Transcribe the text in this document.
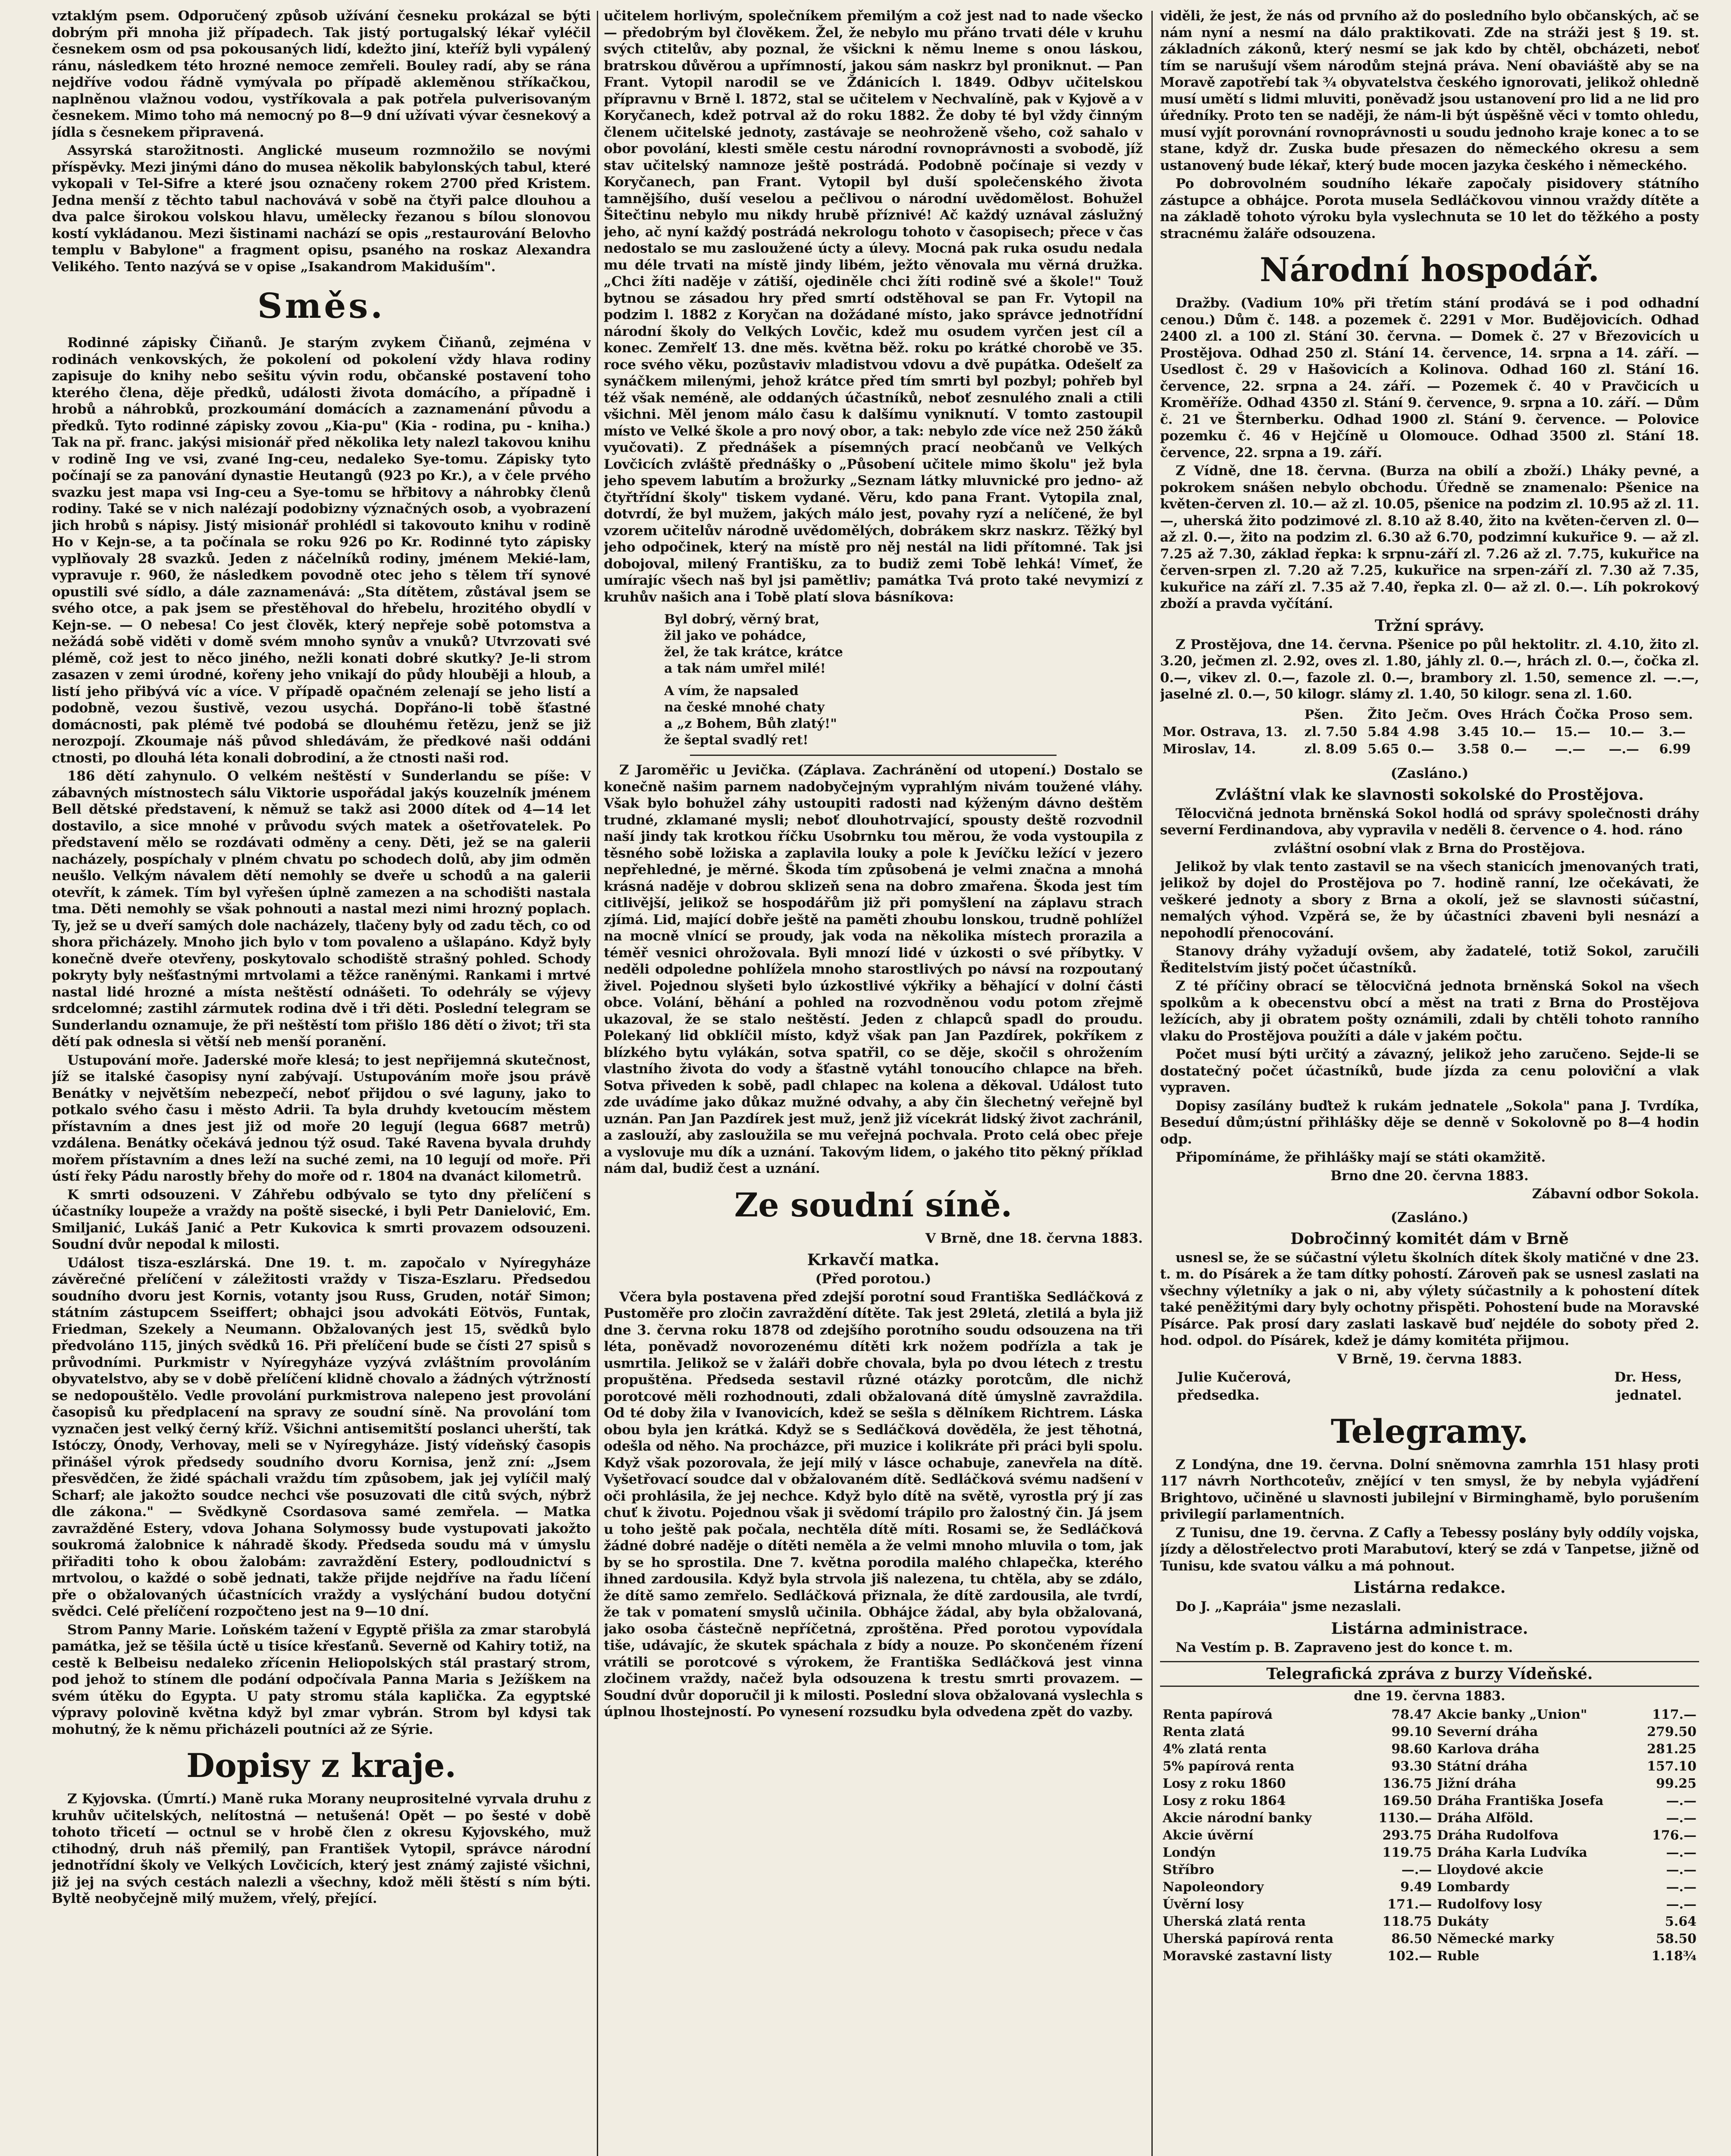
vztaklým psem. Odporučený způsob užívání česneku prokázal se býti dobrým při mnoha již případech. Tak jistý portugalský lékař vyléčil česnekem osm od psa pokousaných lidí, kdežto jiní, kteříž byli vypálený ránu, následkem této hrozné nemoce zemřeli. Bouley radí, aby se rána nejdříve vodou řádně vymývala po případě akleměnou stříkačkou, naplněnou vlažnou vodou, vystříkovala a pak potřela pulverisovaným česnekem. Mimo toho má nemocný po 8—9 dní užívati vývar česnekový a jídla s česnekem připravená.

Assyrská starožitnosti. Anglické museum rozmnožilo se novými příspěvky. Mezi jinými dáno do musea několik babylonských tabul, které vykopali v Tel-Sifre a které jsou označeny rokem 2700 před Kristem. Jedna menší z těchto tabul nachovává v sobě na čtyři palce dlouhou a dva palce širokou volskou hlavu, umělecky řezanou s bílou slonovou kostí vykládanou. Mezi šistinami nachází se opis „restaurování Belovho templu v Babylone" a fragment opisu, psaného na roskaz Alexandra Velikého. Tento nazývá se v opise „Isakandrom Makiduším".

Směs.

Rodinné zápisky Čiňanů. Je starým zvykem Čiňanů, zejména v rodinách venkovských, že pokolení od pokolení vždy hlava rodiny zapisuje do knihy nebo sešitu vývin rodu, občanské postavení toho kterého člena, děje předků, události života domácího, a případně i hrobů a náhrobků, prozkoumání domácích a zaznamenání původu a předků. Tyto rodinné zápisky zovou „Kia-pu" (Kia - rodina, pu - kniha.) Tak na př. franc. jakýsi misionář před několika lety nalezl takovou knihu v rodině Ing ve vsi, zvané Ing-ceu, nedaleko Sye-tomu. Zápisky tyto počínají se za panování dynastie Heutangů (923 po Kr.), a v čele prvého svazku jest mapa vsi Ing-ceu a Sye-tomu se hřbitovy a náhrobky členů rodiny. Také se v nich nalézají podobizny význačných osob, a vyobrazení jich hrobů s nápisy. Jistý misionář prohlédl si takovouto knihu v rodině Ho v Kejn-se, a ta počínala se roku 926 po Kr. Rodinné tyto zápisky vyplňovaly 28 svazků. Jeden z náčelníků rodiny, jménem Mekié-lam, vypravuje r. 960, že následkem povodně otec jeho s tělem tří synové opustili své sídlo, a dále zaznamenává: „Sta dítětem, zůstával jsem se svého otce, a pak jsem se přestěhoval do hřebelu, hrozitého obydlí v Kejn-se. — O nebesa! Co jest člověk, který nepřeje sobě potomstva a nežádá sobě viděti v domě svém mnoho synův a vnuků? Utvrzovati své plémě, což jest to něco jiného, nežli konati dobré skutky? Je-li strom zasazen v zemi úrodné, kořeny jeho vnikají do půdy hlouběji a hloub, a listí jeho přibývá víc a více. V případě opačném zelenají se jeho listí a podobně, vezou šustivě, vezou usychá. Dopřáno-li tobě šťastné domácnosti, pak plémě tvé podobá se dlouhému řetězu, jenž se již nerozpojí. Zkoumaje náš původ shledávám, že předkové naši oddáni ctnosti, po dlouhá léta konali dobrodiní, a že ctnosti naši rod.

186 dětí zahynulo. O velkém neštěstí v Sunderlandu se píše: V zábavných místnostech sálu Viktorie uspořádal jakýs kouzelník jménem Bell dětské představení, k němuž se takž asi 2000 dítek od 4—14 let dostavilo, a sice mnohé v průvodu svých matek a ošetřovatelek. Po představení mělo se rozdávati odměny a ceny. Děti, jež se na galerii nacházely, pospíchaly v plném chvatu po schodech dolů, aby jim odměn neušlo. Velkým návalem dětí nemohly se dveře u schodů a na galerii otevřít, k zámek. Tím byl vyřešen úplně zamezen a na schodišti nastala tma. Děti nemohly se však pohnouti a nastal mezi nimi hrozný poplach. Ty, jež se u dveří samých dole nacházely, tlačeny byly od zadu těch, co od shora přicházely. Mnoho jich bylo v tom povaleno a ušlapáno. Když byly konečně dveře otevřeny, poskytovalo schodiště strašný pohled. Schody pokryty byly nešťastnými mrtvolami a těžce raněnými. Rankami i mrtvé nastal lidé hrozné a místa neštěstí odnášeti. To odehrály se výjevy srdcelomné; zastihl zármutek rodina dvě i tři děti. Poslední telegram se Sunderlandu oznamuje, že při neštěstí tom přišlo 186 dětí o život; tři sta dětí pak odnesla si větší neb menší poranění.

Ustupování moře. Jaderské moře klesá; to jest nepřijemná skutečnost, jíž se italské časopisy nyní zabývají. Ustupováním moře jsou právě Benátky v největším nebezpečí, neboť přijdou o své laguny, jako to potkalo svého času i město Adrii. Ta byla druhdy kvetoucím městem přístavním a dnes jest již od moře 20 legují (legua 6687 metrů) vzdálena. Benátky očekává jednou týž osud. Také Ravena byvala druhdy mořem přístavním a dnes leží na suché zemi, na 10 legují od moře. Při ústí řeky Pádu narostly břehy do moře od r. 1804 na dvanáct kilometrů.

K smrti odsouzeni. V Záhřebu odbývalo se tyto dny přelíčení s účastníky loupeže a vraždy na poště sisecké, i byli Petr Danielović, Em. Smiljanić, Lukáš Janić a Petr Kukovica k smrti provazem odsouzeni. Soudní dvůr nepodal k milosti.

Událost tisza-eszlárská. Dne 19. t. m. započalo v Nyíregyháze závěrečné přelíčení v záležitosti vraždy v Tisza-Eszlaru. Předsedou soudního dvoru jest Kornis, votanty jsou Russ, Gruden, notář Simon; státním zástupcem Sseiffert; obhajci jsou advokáti Eötvös, Funtak, Friedman, Szekely a Neumann. Obžalovaných jest 15, svědků bylo předvoláno 115, jiných svědků 16. Při přelíčení bude se čísti 27 spisů s průvodními. Purkmistr v Nyíregyháze vyzývá zvláštním provoláním obyvatelstvo, aby se v době přelíčení klidně chovalo a žádných výtržností se nedopouštělo. Vedle provolání purkmistrova nalepeno jest provolání časopisů ku předplacení na spravy ze soudní síně. Na provolání tom vyznačen jest velký černý kříž. Všichni antisemitští poslanci uherští, tak Istóczy, Ónody, Verhovay, meli se v Nyíregyháze. Jistý vídeňský časopis přinášel výrok předsedy soudního dvoru Kornisa, jenž zní: „Jsem přesvědčen, že židé spáchali vraždu tím způsobem, jak jej vylíčil malý Scharf; ale jakožto soudce nechci vše posuzovati dle citů svých, nýbrž dle zákona." — Svědkyně Csordasova samé zemřela. — Matka zavražděné Estery, vdova Johana Solymossy bude vystupovati jakožto soukromá žalobnice k náhradě škody. Předseda soudu má v úmyslu přiřaditi toho k obou žalobám: zavraždění Estery, podloudnictví s mrtvolou, o každé o sobě jednati, takže přijde nejdříve na řadu líčení pře o obžalovaných účastnících vraždy a vyslýchání budou dotyční svědci. Celé přelíčení rozpočteno jest na 9—10 dní.

Strom Panny Marie. Loňském tažení v Egyptě přišla za zmar starobylá památka, jež se těšila úctě u tisíce křesťanů. Severně od Kahiry totiž, na cestě k Belbeisu nedaleko zřícenin Heliopolských stál prastarý strom, pod jehož to stínem dle podání odpočívala Panna Maria s Ježíškem na svém útěku do Egypta. U paty stromu stála kaplička. Za egyptské výpravy polovině května když byl zmar vybrán. Strom byl kdysi tak mohutný, že k němu přicházeli poutníci až ze Sýrie.

Dopisy z kraje.

Z Kyjovska. (Úmrtí.) Maně ruka Morany neuprositelné vyrvala druhu z kruhův učitelských, nelítostná — netušená! Opět — po šesté v době tohoto třicetí — octnul se v hrobě člen z okresu Kyjovského, muž ctihodný, druh náš přemilý, pan František Vytopil, správce národní jednotřídní školy ve Velkých Lovčicích, který jest známý zajisté všichni, již jej na svých cestách nalezli a všechny, kdož měli štěstí s ním býti. Byltě neobyčejně milý mužem, vřelý, přející.

učitelem horlivým, společníkem přemilým a což jest nad to nade všecko — předobrým byl člověkem. Žel, že nebylo mu přáno trvati déle v kruhu svých ctitelův, aby poznal, že všickni k němu lneme s onou láskou, bratrskou důvěrou a upřímností, jakou sám naskrz byl proniknut. — Pan Frant. Vytopil narodil se ve Ždánicích l. 1849. Odbyv učitelskou přípravnu v Brně l. 1872, stal se učitelem v Nechvalíně, pak v Kyjově a v Koryčanech, kdež potrval až do roku 1882. Že doby té byl vždy činným členem učitelské jednoty, zastávaje se neohroženě všeho, což sahalo v obor povolání, klesti směle cestu národní rovnoprávnosti a svobodě, jíž stav učitelský namnoze ještě postrádá. Podobně počínaje si vezdy v Koryčanech, pan Frant. Vytopil byl duší společenského života tamnějšího, duší veselou a pečlivou o národní uvědomělost. Bohužel Šitečtinu nebylo mu nikdy hrubě příznivé! Ač každý uznával záslužný jeho, ač nyní každý postrádá nekrologu tohoto v časopisech; přece v čas nedostalo se mu zasloužené úcty a úlevy. Mocná pak ruka osudu nedala mu déle trvati na místě jindy libém, ježto věnovala mu věrná družka. „Chci žíti naděje v zátiší, ojediněle chci žíti rodině své a škole!" Touž bytnou se zásadou hry před smrtí odstěhoval se pan Fr. Vytopil na podzim l. 1882 z Koryčan na dožádané místo, jako správce jednotřídní národní školy do Velkých Lovčic, kdež mu osudem vyrčen jest cíl a konec. Zemřelť 13. dne měs. května běž. roku po krátké chorobě ve 35. roce svého věku, pozůstaviv mladistvou vdovu a dvě pupátka. Odešelť za synáčkem milenými, jehož krátce před tím smrti byl pozbyl; pohřeb byl též však neméně, ale oddaných účastníků, neboť zesnulého znali a ctili všichni. Měl jenom málo času k dalšímu vyniknutí. V tomto zastoupil místo ve Velké škole a pro nový obor, a tak: nebylo zde více než 250 žáků vyučovati). Z přednášek a písemných prací neobčanů ve Velkých Lovčicích zvláště přednášky o „Působení učitele mimo školu" jež byla jeho spevem labutím a brožurky „Seznam látky mluvnické pro jedno- až čtyřtřídní školy" tiskem vydané. Věru, kdo pana Frant. Vytopila znal, dotvrdí, že byl mužem, jakých málo jest, povahy ryzí a nelíčené, že byl vzorem učitelův národně uvědomělých, dobrákem skrz naskrz. Těžký byl jeho odpočinek, který na místě pro něj nestál na lidi přítomné. Tak jsi dobojoval, milený Františku, za to budiž zemi Tobě lehká! Vímeť, že umírajíc všech naš byl jsi pamětliv; památka Tvá proto také nevymizí z kruhův našich ana i Tobě platí slova básníkova:

Byl dobrý, věrný brat,
žil jako ve pohádce,
žel, že tak krátce, krátce
a tak nám umřel milé!
A vím, že napsaled
na české mnohé chaty
a „z Bohem, Bůh zlatý!"
že šeptal svadlý ret!

Z Jaroměřic u Jevička. (Záplava. Zachránění od utopení.) Dostalo se konečně našim parnem nadobyčejným vyprahlým nivám toužené vláhy. Však bylo bohužel záhy ustoupiti radosti nad kýženým dávno deštěm trudné, zklamané mysli; neboť dlouhotrvající, spousty deště rozvodnil naší jindy tak krotkou říčku Usobrnku tou měrou, že voda vystoupila z těsného sobě ložiska a zaplavila louky a pole k Jevíčku ležící v jezero nepřehledné, je měrné. Škoda tím způsobená je velmi značna a mnohá krásná naděje v dobrou sklizeň sena na dobro zmařena. Škoda jest tím citlivější, jelikož se hospodářům již při pomyšlení na záplavu strach zjímá. Lid, mající dobře ještě na paměti zhoubu lonskou, trudně pohlížel na mocně vlnící se proudy, jak voda na několika místech prorazila a téměř vesnici ohrožovala. Byli mnozí lidé v úzkosti o své příbytky. V neděli odpoledne pohlížela mnoho starostlivých po návsí na rozpoutaný živel. Pojednou slyšeti bylo úzkostlivé výkřiky a běhající v dolní části obce. Volání, běhání a pohled na rozvodněnou vodu potom zřejmě ukazoval, že se stalo neštěstí. Jeden z chlapců spadl do proudu. Polekaný lid obklíčil místo, když však pan Jan Pazdírek, pokříkem z blízkého bytu vylákán, sotva spatřil, co se děje, skočil s ohrožením vlastního života do vody a šťastně vytáhl tonoucího chlapce na břeh. Sotva přiveden k sobě, padl chlapec na kolena a děkoval. Událost tuto zde uvádíme jako důkaz mužné odvahy, a aby čin šlechetný veřejně byl uznán. Pan Jan Pazdírek jest muž, jenž již vícekrát lidský život zachránil, a zaslouží, aby zasloužila se mu veřejná pochvala. Proto celá obec přeje a vyslovuje mu dík a uznání. Takovým lidem, o jakého tito pěkný příklad nám dal, budiž čest a uznání.

Ze soudní síně.
V Brně, dne 18. června 1883.
Krkavčí matka.
(Před porotou.)

Včera byla postavena před zdejší porotní soud Františka Sedláčková z Pustoměře pro zločin zavraždění dítěte. Tak jest 29letá, zletilá a byla již dne 3. června roku 1878 od zdejšího porotního soudu odsouzena na tři léta, poněvadž novorozenému dítěti krk nožem podřízla a tak je usmrtila. Jelikož se v žaláři dobře chovala, byla po dvou létech z trestu propuštěna. Předseda sestavil různé otázky porotcům, dle nichž porotcové měli rozhodnouti, zdali obžalovaná dítě úmyslně zavraždila. Od té doby žila v Ivanovicích, kdež se sešla s dělníkem Richtrem. Láska obou byla jen krátká. Když se s Sedláčková dověděla, že jest těhotná, odešla od něho. Na procházce, při muzice i kolikráte při práci byli spolu. Když však pozorovala, že její milý v lásce ochabuje, zanevřela na dítě. Vyšetřovací soudce dal v obžalovaném dítě. Sedláčková svému nadšení v oči prohlásila, že jej nechce. Když bylo dítě na světě, vyrostla prý jí zas chuť k životu. Pojednou však ji svědomí trápilo pro žalostný čin. Já jsem u toho ještě pak počala, nechtěla dítě míti. Rosami se, že Sedláčková žádné dobré naděje o dítěti neměla a že velmi mnoho mluvila o tom, jak by se ho sprostila. Dne 7. května porodila malého chlapečka, kterého ihned zardousila. Když byla strvola jiš nalezena, tu chtěla, aby se zdálo, že dítě samo zemřelo. Sedláčková přiznala, že dítě zardousila, ale tvrdí, že tak v pomatení smyslů učinila. Obhájce žádal, aby byla obžalovaná, jako osoba částečně nepříčetná, zproštěna. Před porotou vypovídala tiše, udávajíc, že skutek spáchala z bídy a nouze. Po skončeném řízení vrátili se porotcové s výrokem, že Františka Sedláčková jest vinna zločinem vraždy, načež byla odsouzena k trestu smrti provazem. — Soudní dvůr doporučil ji k milosti. Poslední slova obžalovaná vyslechla s úplnou lhostejností. Po vynesení rozsudku byla odvedena zpět do vazby.

viděli, že jest, že nás od prvního až do posledního bylo občanských, ač se nám nyní a nesmí na dálo praktikovati. Zde na stráži jest § 19. st. základních zákonů, který nesmí se jak kdo by chtěl, obcházeti, neboť tím se narušují všem národům stejná práva. Není obaviáště aby se na Moravě zapotřebí tak ¾ obyvatelstva českého ignorovati, jelikož ohledně musí umětí s lidmi mluviti, poněvadž jsou ustanovení pro lid a ne lid pro úředníky. Proto ten se naději, že nám-li být úspěšně věci v tomto ohledu, musí vyjít porovnání rovnoprávnosti u soudu jednoho kraje konec a to se stane, když dr. Zuska bude přesazen do německého okresu a sem ustanovený bude lékař, který bude mocen jazyka českého i německého.

Po dobrovolném soudního lékaře započaly pisidovery státního zástupce a obhájce. Porota musela Sedláčkovou vinnou vraždy dítěte a na základě tohoto výroku byla vyslechnuta se 10 let do těžkého a posty stracnému žaláře odsouzena.

Národní hospodář.

Dražby. (Vadium 10% při třetím stání prodává se i pod odhadní cenou.) Dům č. 148. a pozemek č. 2291 v Mor. Budějovicích. Odhad 2400 zl. a 100 zl. Stání 30. června. — Domek č. 27 v Březovicích u Prostějova. Odhad 250 zl. Stání 14. července, 14. srpna a 14. září. — Usedlost č. 29 v Hašovicích a Kolinova. Odhad 160 zl. Stání 16. července, 22. srpna a 24. září. — Pozemek č. 40 v Pravčicích u Kroměříže. Odhad 4350 zl. Stání 9. července, 9. srpna a 10. září. — Dům č. 21 ve Šternberku. Odhad 1900 zl. Stání 9. července. — Polovice pozemku č. 46 v Hejčíně u Olomouce. Odhad 3500 zl. Stání 18. července, 22. srpna a 19. září.

Z Vídně, dne 18. června. (Burza na obilí a zboží.) Lháky pevné, a pokrokem snášen nebylo obchodu. Úředně se znamenalo: Pšenice na květen-červen zl. 10.— až zl. 10.05, pšenice na podzim zl. 10.95 až zl. 11.—, uherská žito podzimové zl. 8.10 až 8.40, žito na květen-červen zl. 0— až zl. 0.—, žito na podzim zl. 6.30 až 6.70, podzimní kukuřice 9. — až zl. 7.25 až 7.30, základ řepka: k srpnu-září zl. 7.26 až zl. 7.75, kukuřice na červen-srpen zl. 7.20 až 7.25, kukuřice na srpen-září zl. 7.30 až 7.35, kukuřice na září zl. 7.35 až 7.40, řepka zl. 0— až zl. 0.—. Líh pokrokový zboží a pravda vyčítání.

Tržní správy.

Z Prostějova, dne 14. června. Pšenice po půl hektolitr. zl. 4.10, žito zl. 3.20, ječmen zl. 2.92, oves zl. 1.80, jáhly zl. 0.—, hrách zl. 0.—, čočka zl. 0.—, vikev zl. 0.—, fazole zl. 0.—, brambory zl. 1.50, semence zl. —.—, jaselné zl. 0.—, 50 kilogr. slámy zl. 1.40, 50 kilogr. sena zl. 1.60.

	Pšen.	Žito	Ječm.	Oves	Hrách	Čočka	Proso	sem.
Mor. Ostrava, 13.	zl. 7.50	5.84	4.98	3.45	10.—	15.—	10.—	3.—
Miroslav, 14.	zl. 8.09	5.65	0.—	3.58	0.—	—.—	—.—	6.99
(Zasláno.)
Zvláštní vlak ke slavnosti sokolské do Prostějova.

Tělocvičná jednota brněnská Sokol hodlá od správy společnosti dráhy severní Ferdinandova, aby vypravila v neděli 8. července o 4. hod. ráno

zvláštní osobní vlak z Brna do Prostějova.

Jelikož by vlak tento zastavil se na všech stanicích jmenovaných trati, jelikož by dojel do Prostějova po 7. hodině ranní, lze očekávati, že veškeré jednoty a sbory z Brna a okolí, jež se slavnosti súčastní, nemalých výhod. Vzpěrá se, že by účastníci zbaveni byli nesnází a nepohodlí přenocování.

Stanovy dráhy vyžadují ovšem, aby žadatelé, totiž Sokol, zaručili Ředitelstvím jistý počet účastníků.

Z té příčiny obrací se tělocvičná jednota brněnská Sokol na všech spolkům a k obecenstvu obcí a měst na trati z Brna do Prostějova ležících, aby ji obratem pošty oznámili, zdali by chtěli tohoto ranního vlaku do Prostějova použíti a dále v jakém počtu.

Počet musí býti určitý a závazný, jelikož jeho zaručeno. Sejde-li se dostatečný počet účastníků, bude jízda za cenu poloviční a vlak vypraven.

Dopisy zasílány buďtež k rukám jednatele „Sokola" pana J. Tvrdíka, Beseduí dům;ústní přihlášky děje se denně v Sokolovně po 8—4 hodin odp.

Připomínáme, že přihlášky mají se státi okamžitě.

Brno dne 20. června 1883.
Zábavní odbor Sokola.
(Zasláno.)
Dobročinný komitét dám v Brně

usnesl se, že se súčastní výletu školních dítek školy matičné v dne 23. t. m. do Písárek a že tam dítky pohostí. Zároveň pak se usnesl zaslati na všechny výletníky a jak o ni, aby výlety súčastnily a k pohostení dítek také peněžitými dary byly ochotny přispěti. Pohostení bude na Moravské Písárce. Pak prosí dary zaslati laskavě buď nejdéle do soboty před 2. hod. odpol. do Písárek, kdež je dámy komitéta přijmou.

V Brně, 19. června 1883.
Julie Kučerová,	Dr. Hess,
předsedka.	jednatel.
Telegramy.

Z Londýna, dne 19. června. Dolní sněmovna zamrhla 151 hlasy proti 117 návrh Northcoteův, znějící v ten smysl, že by nebyla vyjádření Brightovo, učiněné u slavnosti jubilejní v Birminghamě, bylo porušením privilegií parlamentních.

Z Tunisu, dne 19. června. Z Cafly a Tebessy poslány byly oddíly vojska, jízdy a dělostřelectvo proti Marabutoví, který se zdá v Tanpetse, jižně od Tunisu, kde svatou válku a má pohnout.

Listárna redakce.

Do J. „Kapráia" jsme nezaslali.

Listárna administrace.

Na Vestím p. B. Zapraveno jest do konce t. m.

Telegrafická zpráva z burzy Vídeňské.
dne 19. června 1883.
Renta papírová	78.47	Akcie banky „Union"	117.—
Renta zlatá	99.10	Severní dráha	279.50
4% zlatá renta	98.60	Karlova dráha	281.25
5% papírová renta	93.30	Státní dráha	157.10
Losy z roku 1860	136.75	Jižní dráha	99.25
Losy z roku 1864	169.50	Dráha Františka Josefa	—.—
Akcie národní banky	1130.—	Dráha Alföld.	—.—
Akcie úvěrní	293.75	Dráha Rudolfova	176.—
Londýn	119.75	Dráha Karla Ludvíka	—.—
Stříbro	—.—	Lloydové akcie	—.—
Napoleondory	9.49	Lombardy	—.—
Úvěrní losy	171.—	Rudolfovy losy	—.—
Uherská zlatá renta	118.75	Dukáty	5.64
Uherská papírová renta	86.50	Německé marky	58.50
Moravské zastavní listy	102.—	Ruble	1.18¾
